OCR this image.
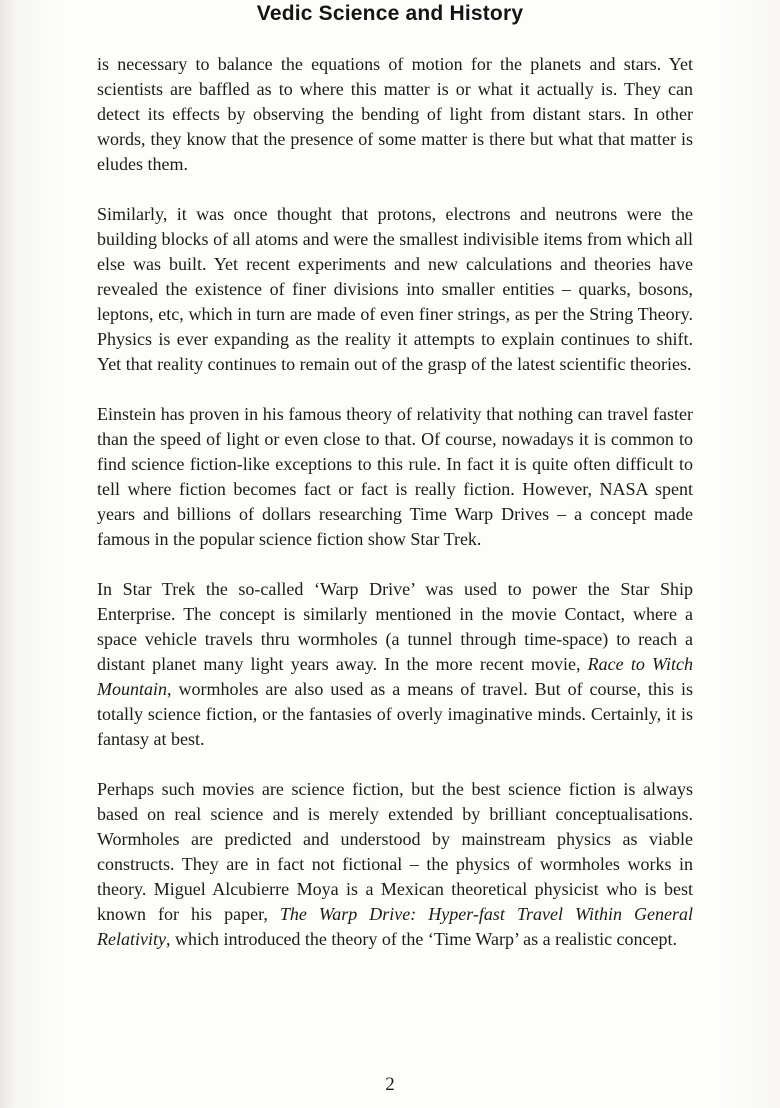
Vedic Science and History

is necessary to balance the equations of motion for the planets and stars. Yet scientists are baffled as to where this matter is or what it actually is. They can detect its effects by observing the bending of light from distant stars. In other words, they know that the presence of some matter is there but what that matter is eludes them.

Similarly, it was once thought that protons, electrons and neutrons were the building blocks of all atoms and were the smallest indivisible items from which all else was built. Yet recent experiments and new calculations and theories have revealed the existence of finer divisions into smaller entities – quarks, bosons, leptons, etc, which in turn are made of even finer strings, as per the String Theory. Physics is ever expanding as the reality it attempts to explain continues to shift. Yet that reality continues to remain out of the grasp of the latest scientific theories.

Einstein has proven in his famous theory of relativity that nothing can travel faster than the speed of light or even close to that. Of course, nowadays it is common to find science fiction-like exceptions to this rule. In fact it is quite often difficult to tell where fiction becomes fact or fact is really fiction. However, NASA spent years and billions of dollars researching Time Warp Drives – a concept made famous in the popular science fiction show Star Trek.

In Star Trek the so-called ‘Warp Drive’ was used to power the Star Ship Enterprise. The concept is similarly mentioned in the movie Contact, where a space vehicle travels thru wormholes (a tunnel through time-space) to reach a distant planet many light years away. In the more recent movie, Race to Witch Mountain, wormholes are also used as a means of travel. But of course, this is totally science fiction, or the fantasies of overly imaginative minds. Certainly, it is fantasy at best.

Perhaps such movies are science fiction, but the best science fiction is always based on real science and is merely extended by brilliant conceptualisations. Wormholes are predicted and understood by mainstream physics as viable constructs. They are in fact not fictional – the physics of wormholes works in theory. Miguel Alcubierre Moya is a Mexican theoretical physicist who is best known for his paper, The Warp Drive: Hyper-fast Travel Within General Relativity, which introduced the theory of the ‘Time Warp’ as a realistic concept.

2
